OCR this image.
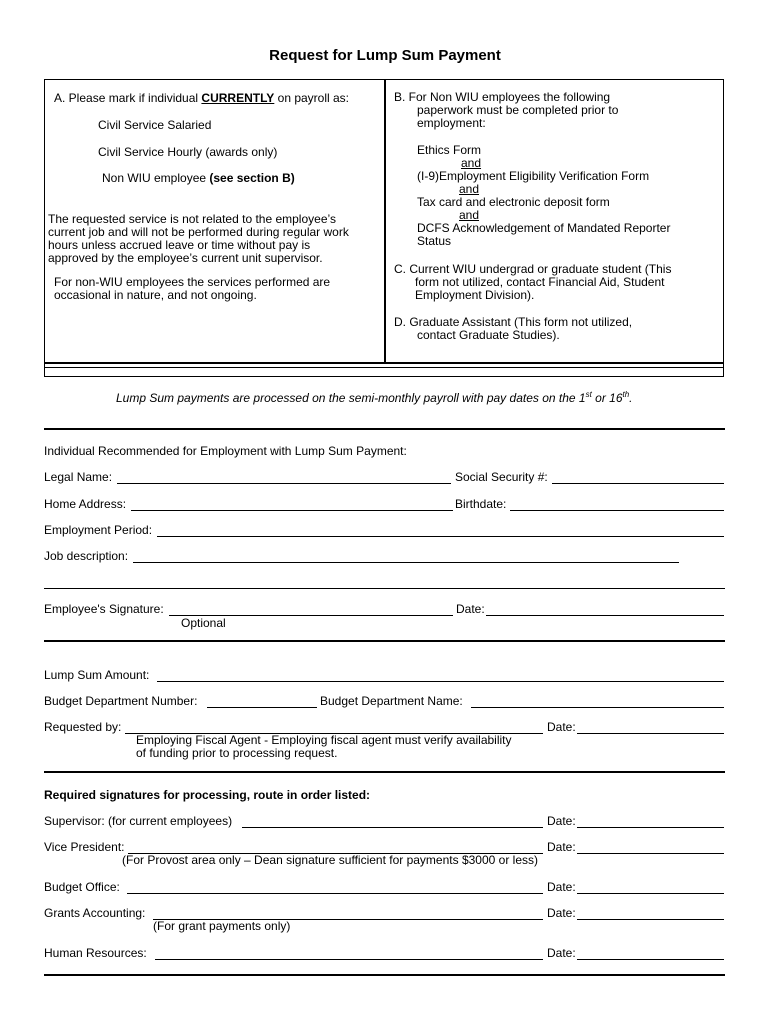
Request for Lump Sum Payment
A. Please mark if individual CURRENTLY on payroll as:
Civil Service Salaried
Civil Service Hourly (awards only)
Non WIU employee (see section B)
The requested service is not related to the employee’s
current job and will not be performed during regular work
hours unless accrued leave or time without pay is
approved by the employee’s current unit supervisor.
For non-WIU employees the services performed are
occasional in nature, and not ongoing.
B. For Non WIU employees the following
paperwork must be completed prior to
employment:
Ethics Form
and
(I-9)Employment Eligibility Verification Form
and
Tax card and electronic deposit form
and
DCFS Acknowledgement of Mandated Reporter
Status
C. Current WIU undergrad or graduate student (This
form not utilized, contact Financial Aid, Student
Employment Division).
D. Graduate Assistant (This form not utilized,
contact Graduate Studies).
Lump Sum payments are processed on the semi-monthly payroll with pay dates on the 1st or 16th.
Individual Recommended for Employment with Lump Sum Payment:
Legal Name:	Social Security #:
Home Address:	Birthdate:
Employment Period:
Job description:
Employee's Signature:	Date:
Optional
Lump Sum Amount:
Budget Department Number:	Budget Department Name:
Requested by:	Date:
Employing Fiscal Agent - Employing fiscal agent must verify availability
of funding prior to processing request.
Required signatures for processing, route in order listed:
Supervisor: (for current employees)	Date:
Vice President:	Date:
(For Provost area only – Dean signature sufficient for payments $3000 or less)
Budget Office:	Date:
Grants Accounting:	Date:
(For grant payments only)
Human Resources:	Date:
